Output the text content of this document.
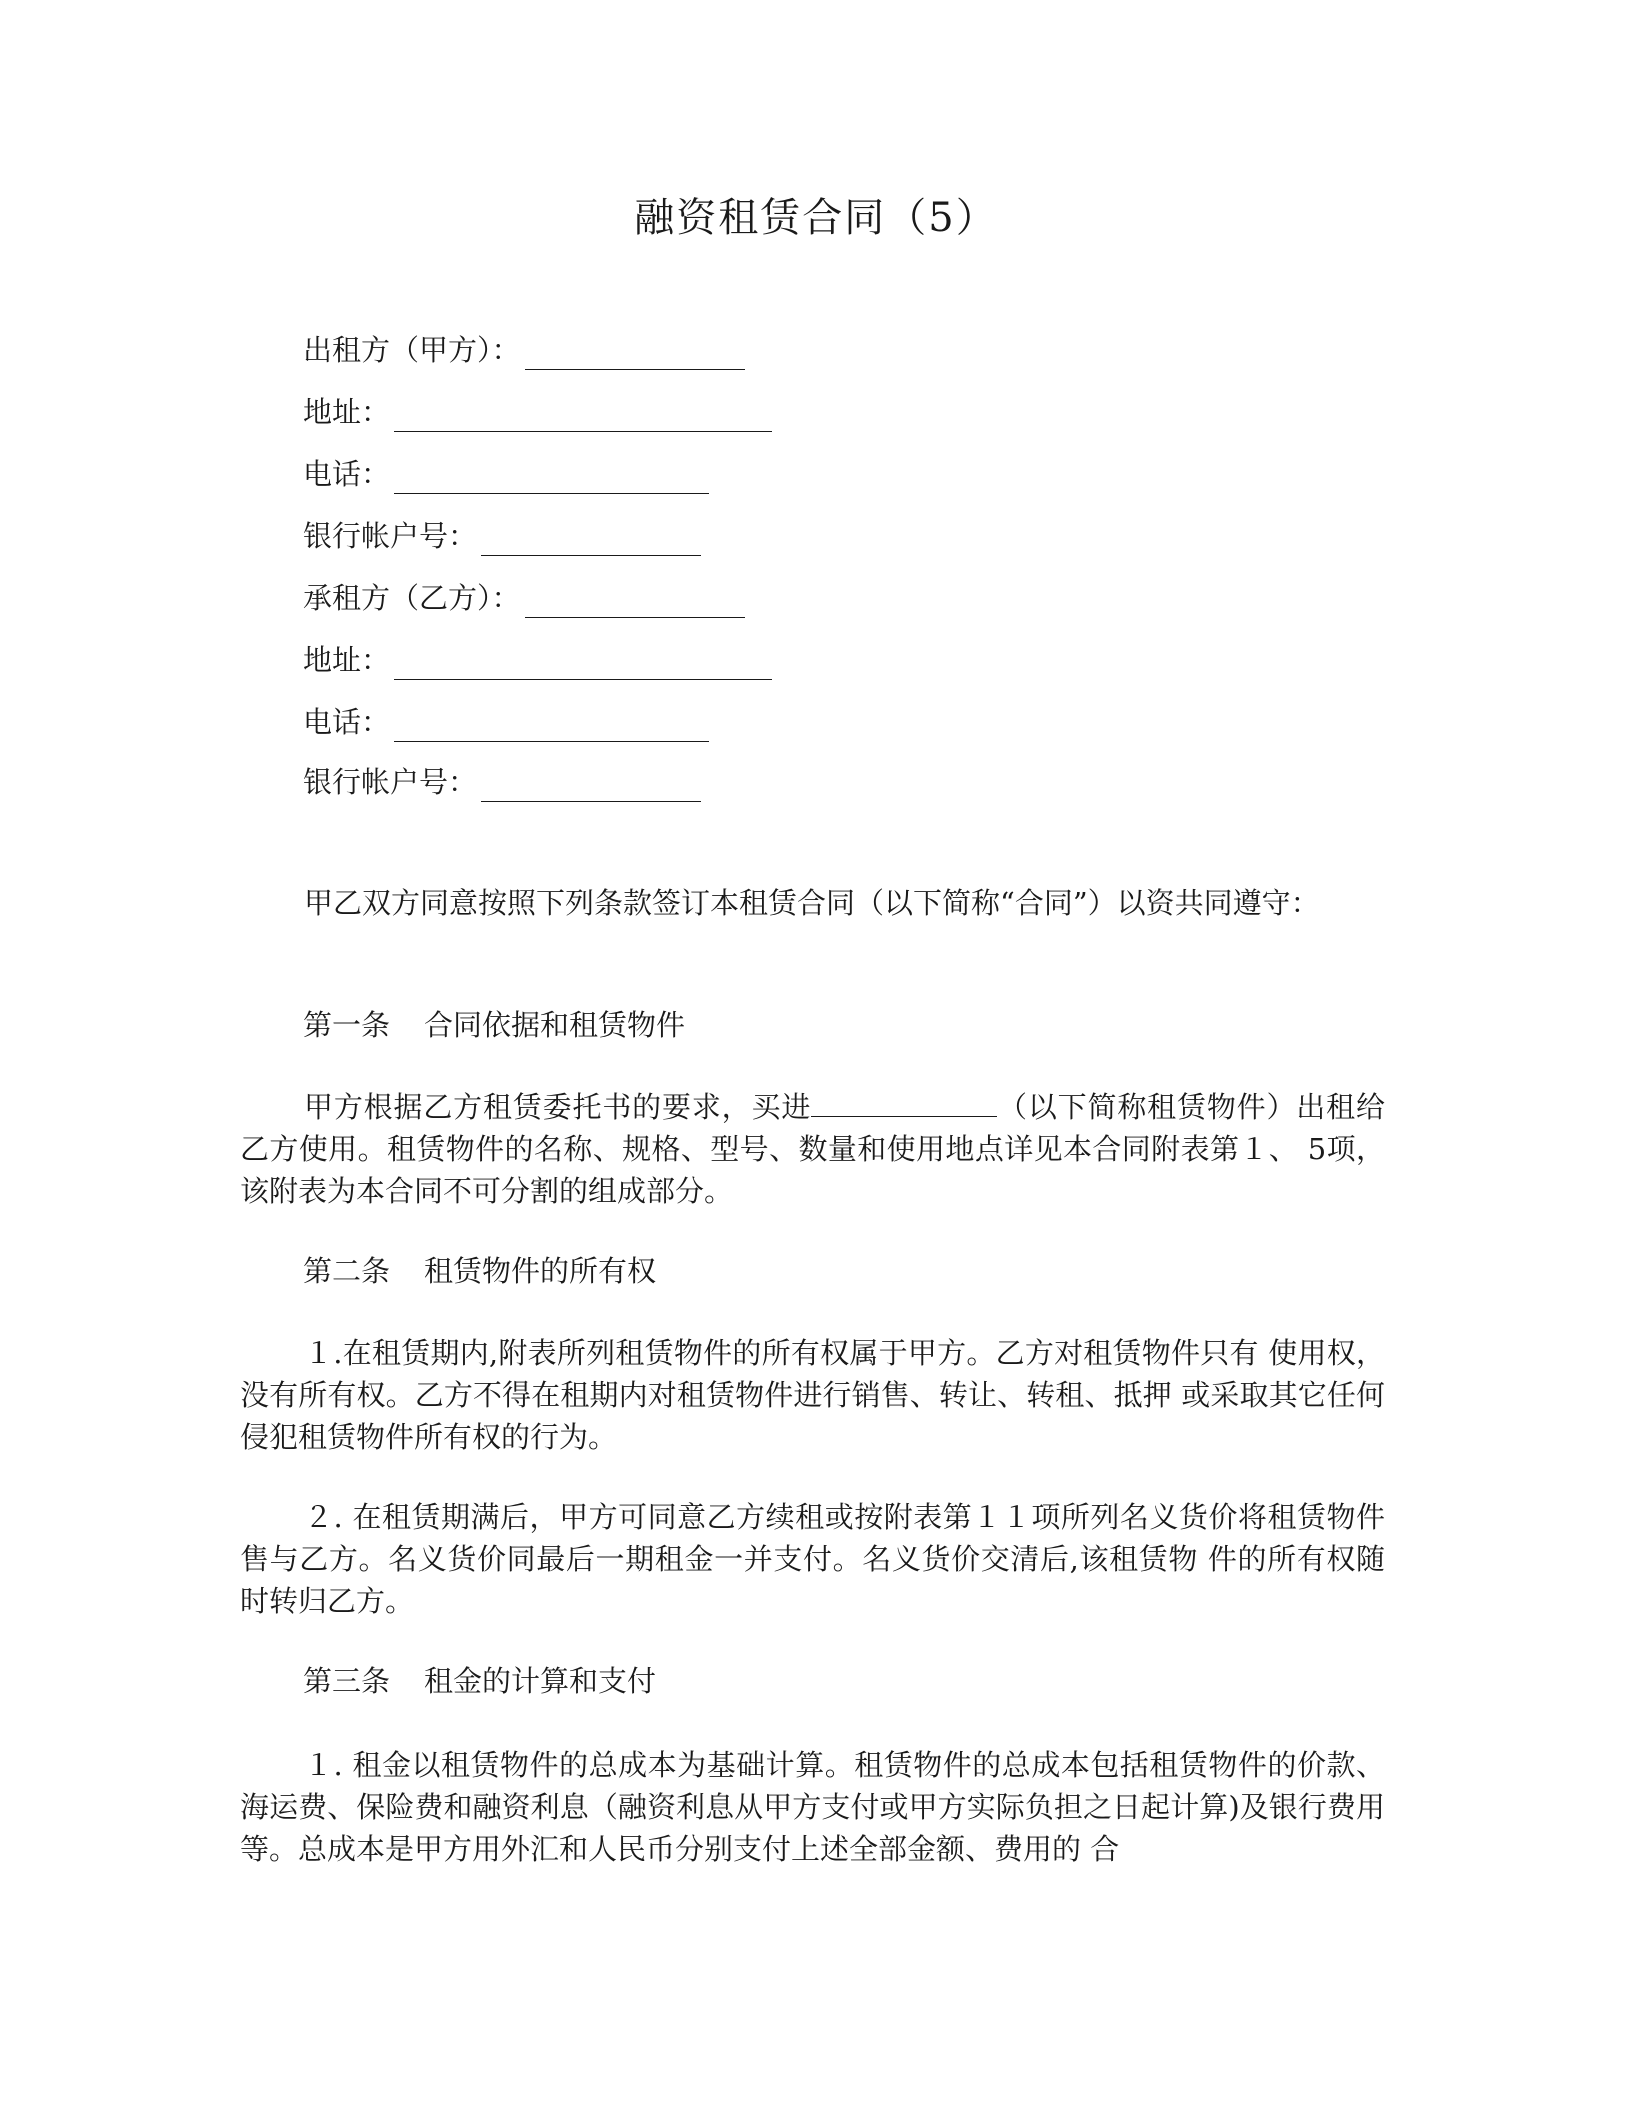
融资租赁合同（5）
出租方（甲方）：
地址：
电话：
银行帐户号：
承租方（乙方）：
地址：
电话：
银行帐户号：

甲乙双方同意按照下列条款签订本租赁合同（以下简称“合同”）以资共同遵守：

第一条 合同依据和租赁物件

甲方根据乙方租赁委托书的要求，买进	（以下简称租赁物件）出租给 乙方使用。租赁物件的名称、规格、型号、数量和使用地点详见本合同附表第１、 5项，该附表为本合同不可分割的组成部分。

第二条 租赁物件的所有权

１.在租赁期内,附表所列租赁物件的所有权属于甲方。乙方对租赁物件只有 使用权，没有所有权。乙方不得在租期内对租赁物件进行销售、转让、转租、抵押 或采取其它任何侵犯租赁物件所有权的行为。

２. 在租赁期满后，甲方可同意乙方续租或按附表第１１项所列名义货价将租赁物件售与乙方。名义货价同最后一期租金一并支付。名义货价交清后,该租赁物 件的所有权随时转归乙方。

第三条 租金的计算和支付

１. 租金以租赁物件的总成本为基础计算。租赁物件的总成本包括租赁物件的价款、海运费、保险费和融资利息（融资利息从甲方支付或甲方实际负担之日起计算)及银行费用等。总成本是甲方用外汇和人民币分别支付上述全部金额、费用的 合
